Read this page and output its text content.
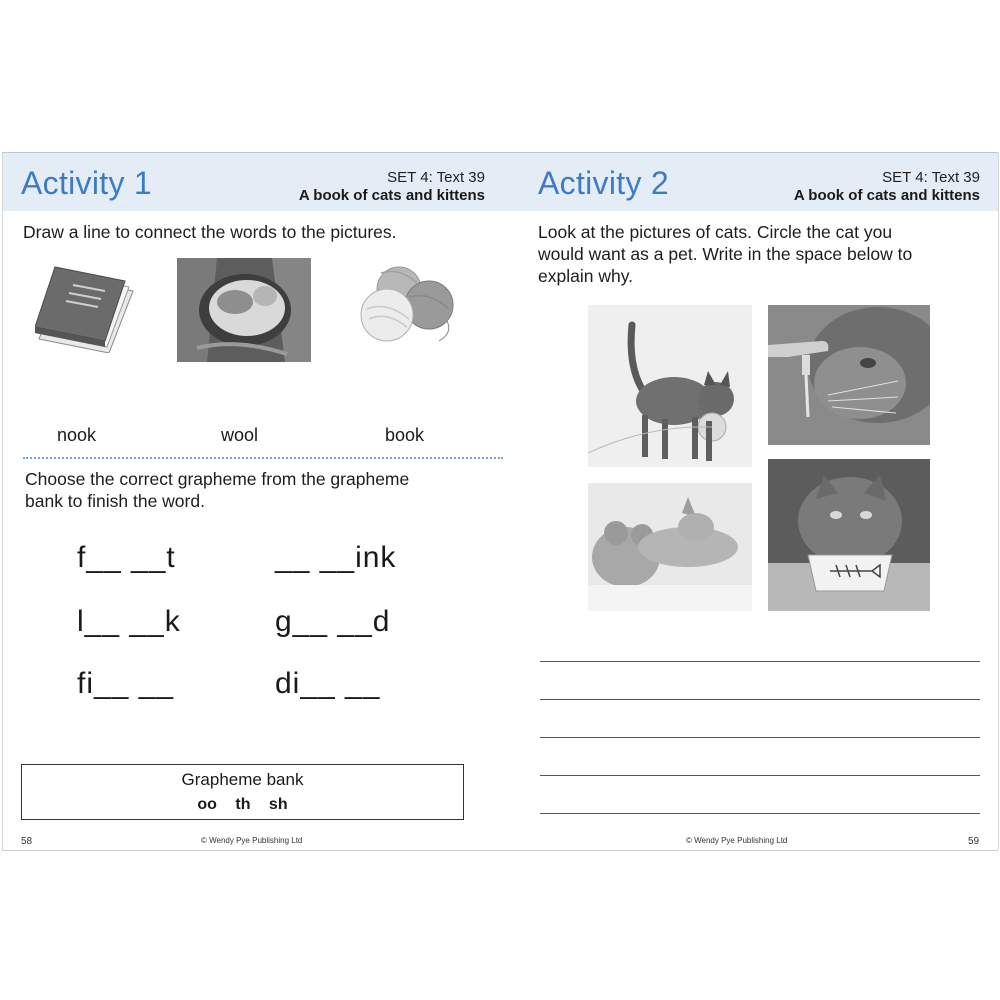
Activity 1	SET 4: Text 39
A book of cats and kittens
Draw a line to connect the words to the pictures.
nook	wool	book
Choose the correct grapheme from the grapheme
bank to finish the word.
f__ __t	__ __ink
l__ __k	g__ __d
fi__ __	di__ __
Grapheme bank
oo th sh
58	© Wendy Pye Publishing Ltd
Activity 2	SET 4: Text 39
A book of cats and kittens
Look at the pictures of cats. Circle the cat you
would want as a pet. Write in the space below to
explain why.
© Wendy Pye Publishing Ltd	59
